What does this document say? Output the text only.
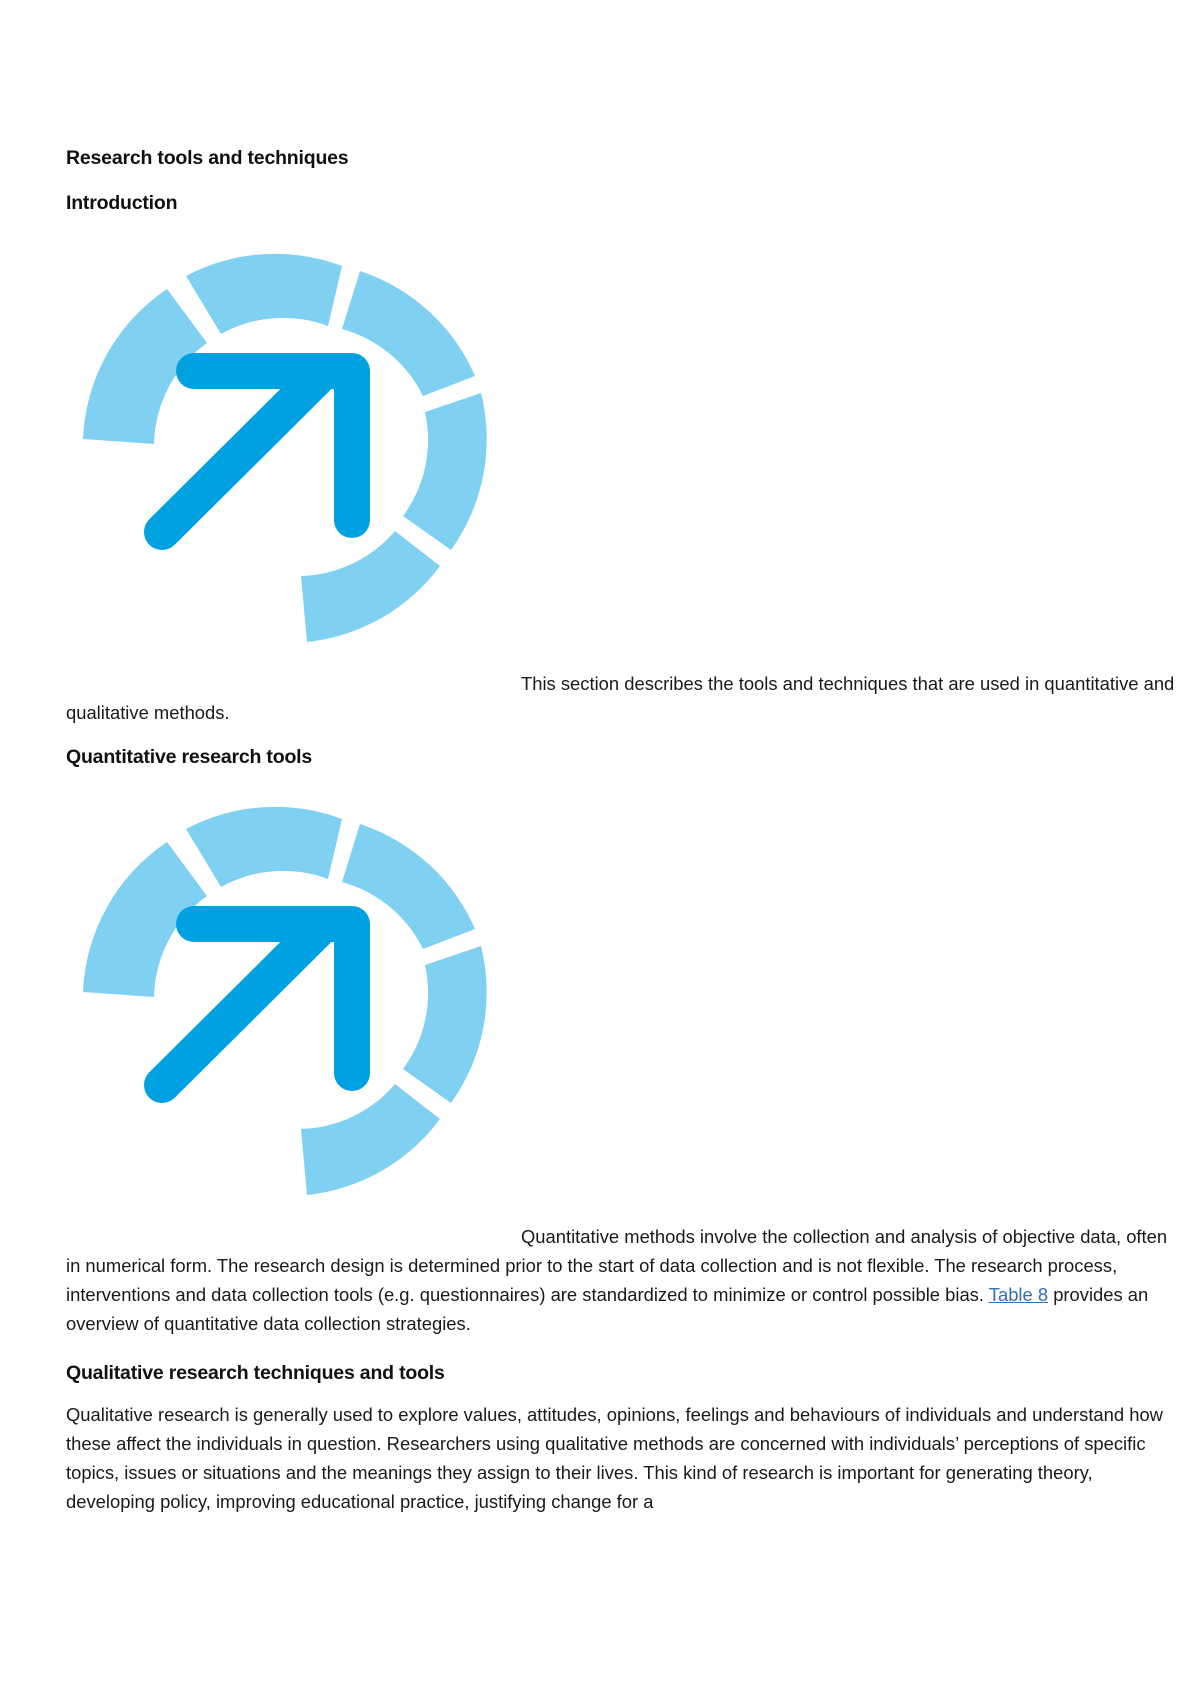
Research tools and techniques
Introduction

This section describes the tools and techniques that are used in quantitative and qualitative methods.

Quantitative research tools

Quantitative methods involve the collection and analysis of objective data, often in numerical form. The research design is determined prior to the start of data collection and is not flexible. The research process, interventions and data collection tools (e.g. questionnaires) are standardized to minimize or control possible bias. Table 8 provides an overview of quantitative data collection strategies.

Qualitative research techniques and tools

Qualitative research is generally used to explore values, attitudes, opinions, feelings and behaviours of individuals and understand how these affect the individuals in question. Researchers using qualitative methods are concerned with individuals’ perceptions of specific topics, issues or situations and the meanings they assign to their lives. This kind of research is important for generating theory, developing policy, improving educational practice, justifying change for a
